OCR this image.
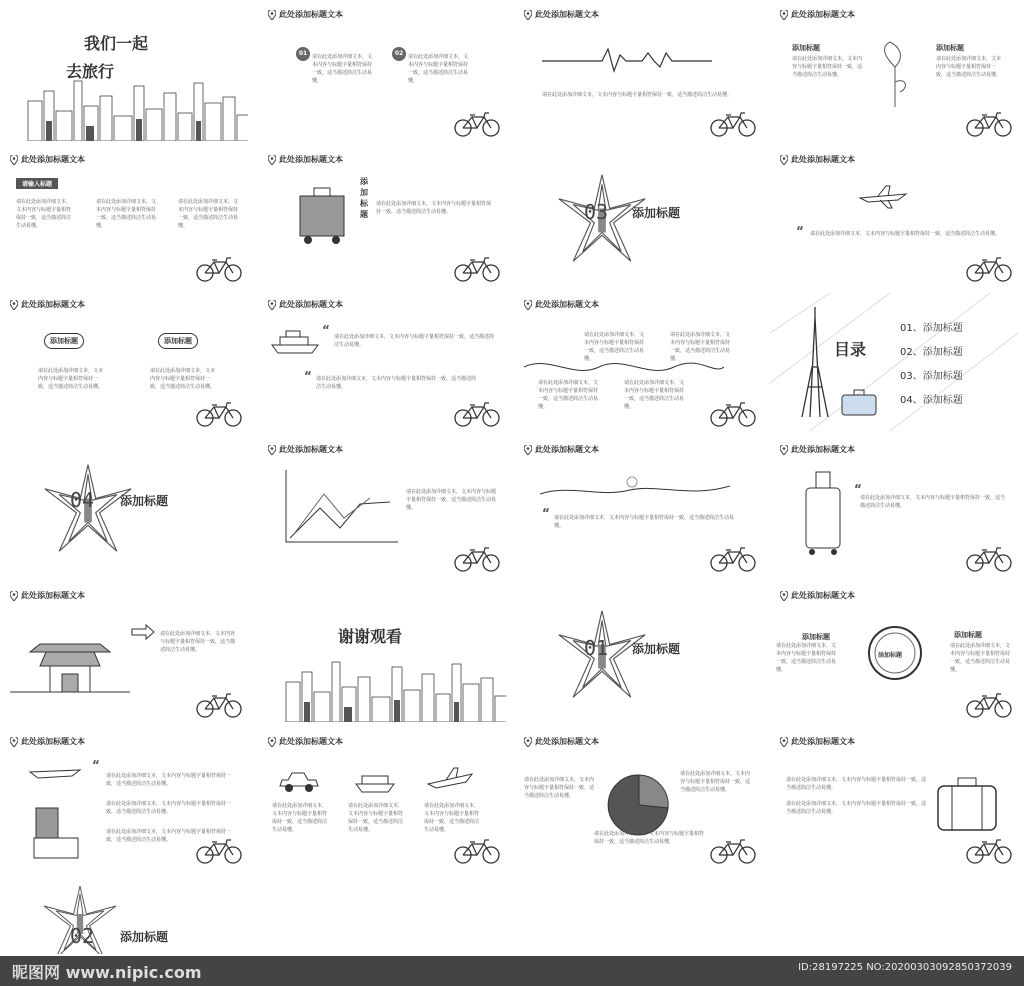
我们一起
去旅行
此处添加标题文本
01 请在此处添加详细文本，文本内容与标题字量相符保持一致，适当描述简洁生动易懂。
02 请在此处添加详细文本，文本内容与标题字量相符保持一致，适当描述简洁生动易懂。
此处添加标题文本
请在此处添加详细文本，文本内容与标题字量相符保持一致，适当描述简洁生动易懂。
此处添加标题文本
添加标题
请在此处添加详细文本，文本内容与标题字量相符保持一致，适当描述简洁生动易懂。
添加标题
请在此处添加详细文本，文本内容与标题字量相符保持一致，适当描述简洁生动易懂。
此处添加标题文本
请输入标题
请在此处添加详细文本，文本内容与标题字量相符保持一致，适当描述简洁生动易懂。
请在此处添加详细文本，文本内容与标题字量相符保持一致，适当描述简洁生动易懂。
请在此处添加详细文本，文本内容与标题字量相符保持一致，适当描述简洁生动易懂。
此处添加标题文本
添加标题
请在此处添加详细文本，文本内容与标题字量相符保持一致，适当描述简洁生动易懂。	03 添加标题
此处添加标题文本
“ 请在此处添加详细文本，文本内容与标题字量相符保持一致，适当描述简洁生动易懂。
此处添加标题文本
添加标题
请在此处添加详细文本，文本内容与标题字量相符保持一致，适当描述简洁生动易懂。
添加标题
请在此处添加详细文本，文本内容与标题字量相符保持一致，适当描述简洁生动易懂。
此处添加标题文本
“ 请在此处添加详细文本，文本内容与标题字量相符保持一致，适当描述简洁生动易懂。
“ 请在此处添加详细文本，文本内容与标题字量相符保持一致，适当描述简洁生动易懂。
此处添加标题文本
请在此处添加详细文本，文本内容与标题字量相符保持一致，适当描述简洁生动易懂。
请在此处添加详细文本，文本内容与标题字量相符保持一致，适当描述简洁生动易懂。
请在此处添加详细文本，文本内容与标题字量相符保持一致，适当描述简洁生动易懂。
请在此处添加详细文本，文本内容与标题字量相符保持一致，适当描述简洁生动易懂。
目录
01、添加标题
02、添加标题
03、添加标题
04、添加标题
04 添加标题
此处添加标题文本
请在此处添加详细文本，文本内容与标题字量相符保持一致，适当描述简洁生动易懂。
此处添加标题文本
“ 请在此处添加详细文本，文本内容与标题字量相符保持一致，适当描述简洁生动易懂。
此处添加标题文本
“
请在此处添加详细文本，文本内容与标题字量相符保持一致，适当描述简洁生动易懂。
此处添加标题文本
请在此处添加详细文本，文本内容与标题字量相符保持一致，适当描述简洁生动易懂。
谢谢观看	01 添加标题
此处添加标题文本
添加标题
请在此处添加详细文本，文本内容与标题字量相符保持一致，适当描述简洁生动易懂。
添加标题
添加标题
请在此处添加详细文本，文本内容与标题字量相符保持一致，适当描述简洁生动易懂。
此处添加标题文本
“
请在此处添加详细文本，文本内容与标题字量相符保持一致，适当描述简洁生动易懂。
请在此处添加详细文本，文本内容与标题字量相符保持一致，适当描述简洁生动易懂。
请在此处添加详细文本，文本内容与标题字量相符保持一致，适当描述简洁生动易懂。
此处添加标题文本
请在此处添加详细文本，文本内容与标题字量相符保持一致，适当描述简洁生动易懂。
请在此处添加详细文本，文本内容与标题字量相符保持一致，适当描述简洁生动易懂。
请在此处添加详细文本，文本内容与标题字量相符保持一致，适当描述简洁生动易懂。
此处添加标题文本
请在此处添加详细文本，文本内容与标题字量相符保持一致，适当描述简洁生动易懂。
请在此处添加详细文本，文本内容与标题字量相符保持一致，适当描述简洁生动易懂。
请在此处添加详细文本，文本内容与标题字量相符保持一致，适当描述简洁生动易懂。
此处添加标题文本
请在此处添加详细文本，文本内容与标题字量相符保持一致，适当描述简洁生动易懂。
请在此处添加详细文本，文本内容与标题字量相符保持一致，适当描述简洁生动易懂。
02 添加标题
昵图网 www.nipic.com	ID:28197225 NO:20200303092850372039
